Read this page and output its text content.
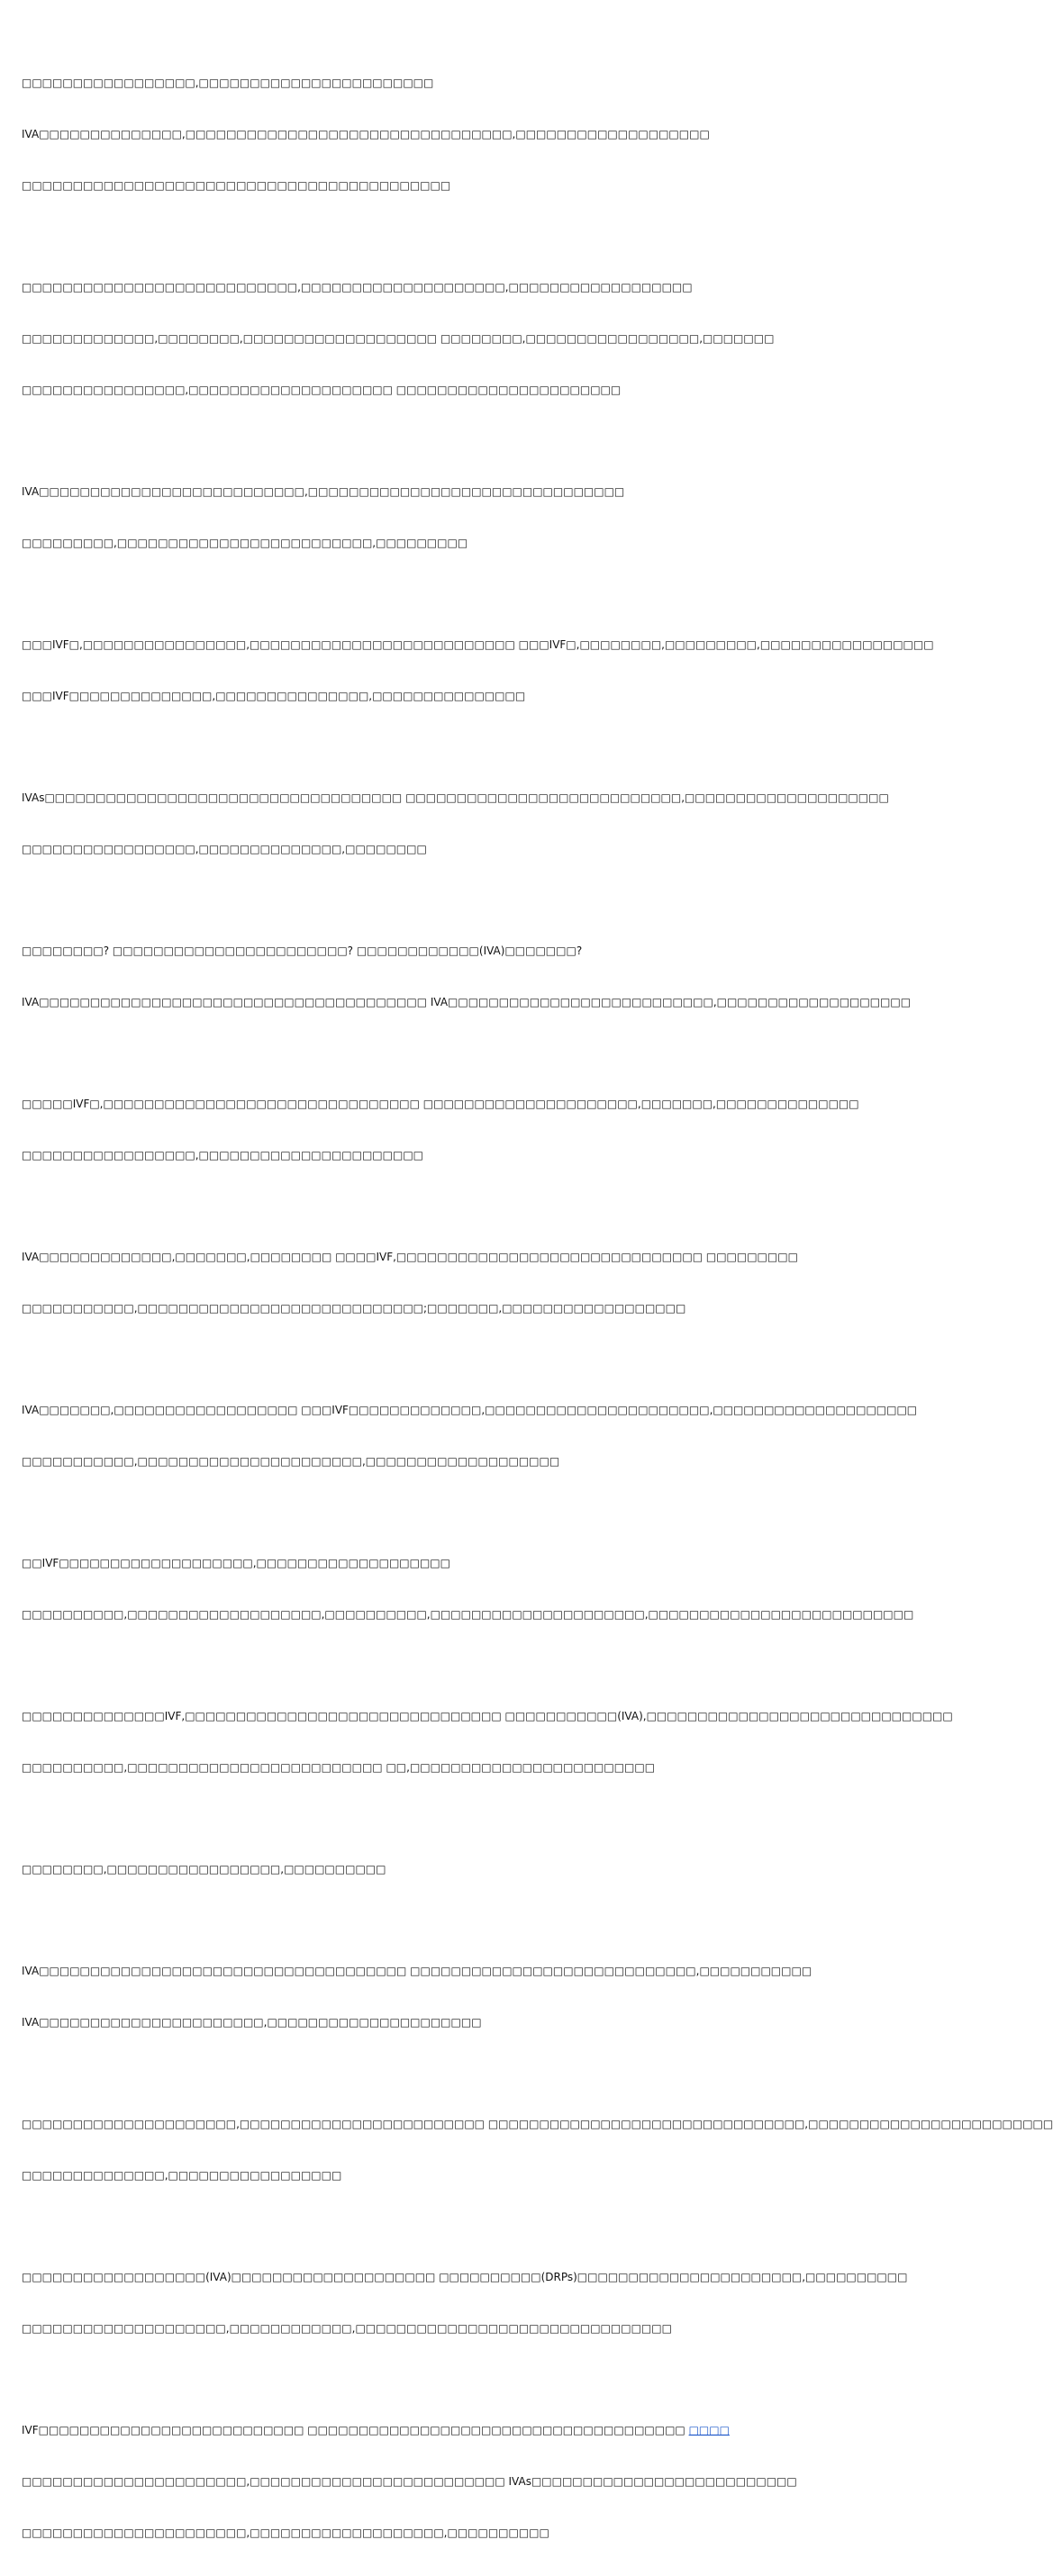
□□□□□□□□□□□□□□□□□,□□□□□□□□□□□□□□□□□□□□□□□

IVA□□□□□□□□□□□□□□,□□□□□□□□□□□□□□□□□□□□□□□□□□□□□□□□,□□□□□□□□□□□□□□□□□□□

□□□□□□□□□□□□□□□□□□□□□□□□□□□□□□□□□□□□□□□□□□

□□□□□□□□□□□□□□□□□□□□□□□□□□□,□□□□□□□□□□□□□□□□□□□□,□□□□□□□□□□□□□□□□□□

□□□□□□□□□□□□□,□□□□□□□□,□□□□□□□□□□□□□□□□□□□ □□□□□□□□,□□□□□□□□□□□□□□□□□,□□□□□□□

□□□□□□□□□□□□□□□□,□□□□□□□□□□□□□□□□□□□□ □□□□□□□□□□□□□□□□□□□□□□

IVA□□□□□□□□□□□□□□□□□□□□□□□□□□,□□□□□□□□□□□□□□□□□□□□□□□□□□□□□□□

□□□□□□□□□,□□□□□□□□□□□□□□□□□□□□□□□□□,□□□□□□□□□

□□□IVF□,□□□□□□□□□□□□□□□□,□□□□□□□□□□□□□□□□□□□□□□□□□□ □□□IVF□,□□□□□□□□,□□□□□□□□□,□□□□□□□□□□□□□□□□□

□□□IVF□□□□□□□□□□□□□□,□□□□□□□□□□□□□□□,□□□□□□□□□□□□□□□

IVAs□□□□□□□□□□□□□□□□□□□□□□□□□□□□□□□□□□□ □□□□□□□□□□□□□□□□□□□□□□□□□□□,□□□□□□□□□□□□□□□□□□□□

□□□□□□□□□□□□□□□□□,□□□□□□□□□□□□□□,□□□□□□□□

□□□□□□□□? □□□□□□□□□□□□□□□□□□□□□□□? □□□□□□□□□□□□(IVA)□□□□□□□?

IVA□□□□□□□□□□□□□□□□□□□□□□□□□□□□□□□□□□□□□□ IVA□□□□□□□□□□□□□□□□□□□□□□□□□□,□□□□□□□□□□□□□□□□□□□

□□□□□IVF□,□□□□□□□□□□□□□□□□□□□□□□□□□□□□□□□ □□□□□□□□□□□□□□□□□□□□□,□□□□□□□,□□□□□□□□□□□□□□

□□□□□□□□□□□□□□□□□,□□□□□□□□□□□□□□□□□□□□□□

IVA□□□□□□□□□□□□□,□□□□□□□,□□□□□□□□ □□□□IVF,□□□□□□□□□□□□□□□□□□□□□□□□□□□□□□ □□□□□□□□□

□□□□□□□□□□□,□□□□□□□□□□□□□□□□□□□□□□□□□□□□;□□□□□□□,□□□□□□□□□□□□□□□□□□

IVA□□□□□□□,□□□□□□□□□□□□□□□□□□ □□□IVF□□□□□□□□□□□□□,□□□□□□□□□□□□□□□□□□□□□□,□□□□□□□□□□□□□□□□□□□□

□□□□□□□□□□□,□□□□□□□□□□□□□□□□□□□□□□,□□□□□□□□□□□□□□□□□□□

□□IVF□□□□□□□□□□□□□□□□□□□,□□□□□□□□□□□□□□□□□□□

□□□□□□□□□□,□□□□□□□□□□□□□□□□□□□,□□□□□□□□□□,□□□□□□□□□□□□□□□□□□□□□,□□□□□□□□□□□□□□□□□□□□□□□□□□

□□□□□□□□□□□□□□IVF,□□□□□□□□□□□□□□□□□□□□□□□□□□□□□□□ □□□□□□□□□□□(IVA),□□□□□□□□□□□□□□□□□□□□□□□□□□□□□□

□□□□□□□□□□,□□□□□□□□□□□□□□□□□□□□□□□□□ □□,□□□□□□□□□□□□□□□□□□□□□□□□

□□□□□□□□,□□□□□□□□□□□□□□□□□,□□□□□□□□□□

IVA□□□□□□□□□□□□□□□□□□□□□□□□□□□□□□□□□□□□ □□□□□□□□□□□□□□□□□□□□□□□□□□□□,□□□□□□□□□□□

IVA□□□□□□□□□□□□□□□□□□□□□□,□□□□□□□□□□□□□□□□□□□□□

□□□□□□□□□□□□□□□□□□□□□,□□□□□□□□□□□□□□□□□□□□□□□□ □□□□□□□□□□□□□□□□□□□□□□□□□□□□□□□,□□□□□□□□□□□□□□□□□□□□□□□□

□□□□□□□□□□□□□□,□□□□□□□□□□□□□□□□□

□□□□□□□□□□□□□□□□□□(IVA)□□□□□□□□□□□□□□□□□□□□ □□□□□□□□□□(DRPs)□□□□□□□□□□□□□□□□□□□□□□,□□□□□□□□□□

□□□□□□□□□□□□□□□□□□□□,□□□□□□□□□□□□,□□□□□□□□□□□□□□□□□□□□□□□□□□□□□□□

IVF□□□□□□□□□□□□□□□□□□□□□□□□□□ □□□□□□□□□□□□□□□□□□□□□□□□□□□□□□□□□□□□□ □□□□

□□□□□□□□□□□□□□□□□□□□□□,□□□□□□□□□□□□□□□□□□□□□□□□□ IVAs□□□□□□□□□□□□□□□□□□□□□□□□□□

□□□□□□□□□□□□□□□□□□□□□□,□□□□□□□□□□□□□□□□□□□,□□□□□□□□□□
